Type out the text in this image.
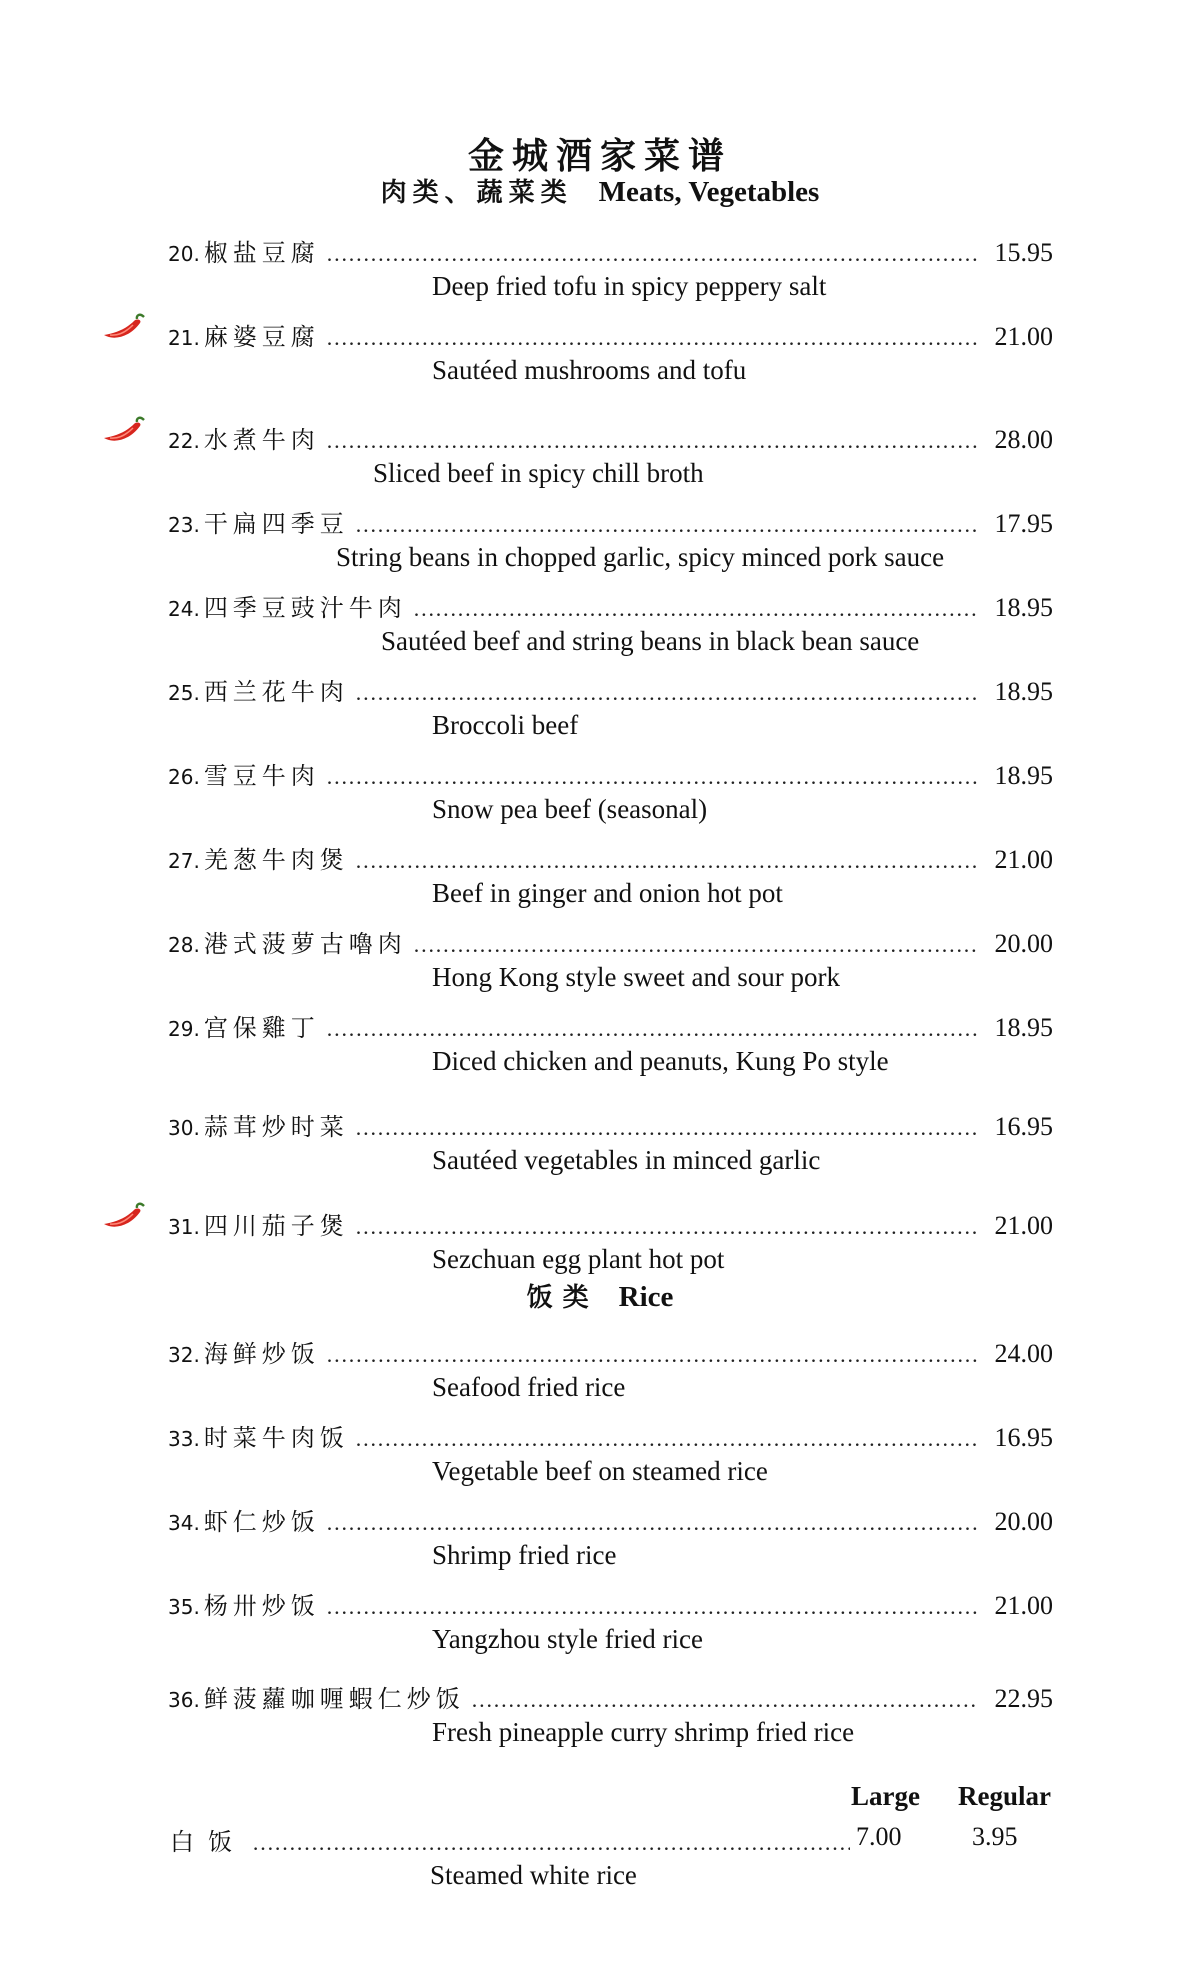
金城酒家菜谱
肉类、蔬菜类 Meats, Vegetables
20. 椒盐豆腐 …………………………………………………………………………………………………………………………………………………………	15.95
Deep fried tofu in spicy peppery salt
21. 麻婆豆腐 …………………………………………………………………………………………………………………………………………………………	21.00
Sautéed mushrooms and tofu
22. 水煮牛肉 …………………………………………………………………………………………………………………………………………………………	28.00
Sliced beef in spicy chill broth
23. 干扁四季豆 …………………………………………………………………………………………………………………………………………………………	17.95
String beans in chopped garlic, spicy minced pork sauce
24. 四季豆豉汁牛肉 …………………………………………………………………………………………………………………………………………………………	18.95
Sautéed beef and string beans in black bean sauce
25. 西兰花牛肉 …………………………………………………………………………………………………………………………………………………………	18.95
Broccoli beef
26. 雪豆牛肉 …………………………………………………………………………………………………………………………………………………………	18.95
Snow pea beef (seasonal)
27. 羌葱牛肉煲 …………………………………………………………………………………………………………………………………………………………	21.00
Beef in ginger and onion hot pot
28. 港式菠萝古嚕肉 …………………………………………………………………………………………………………………………………………………………	20.00
Hong Kong style sweet and sour pork
29. 宫保雞丁 …………………………………………………………………………………………………………………………………………………………	18.95
Diced chicken and peanuts, Kung Po style
30. 蒜茸炒时菜 …………………………………………………………………………………………………………………………………………………………	16.95
Sautéed vegetables in minced garlic
31. 四川茄子煲 …………………………………………………………………………………………………………………………………………………………	21.00
Sezchuan egg plant hot pot
饭类 Rice
32. 海鲜炒饭 …………………………………………………………………………………………………………………………………………………………	24.00
Seafood fried rice
33. 时菜牛肉饭 …………………………………………………………………………………………………………………………………………………………	16.95
Vegetable beef on steamed rice
34. 虾仁炒饭 …………………………………………………………………………………………………………………………………………………………	20.00
Shrimp fried rice
35. 杨卅炒饭 …………………………………………………………………………………………………………………………………………………………	21.00
Yangzhou style fried rice
36. 鲜菠蘿咖喱蝦仁炒饭 …………………………………………………………………………………………………………………………………………………………	22.95
Fresh pineapple curry shrimp fried rice
Large Regular
白饭 …………………………………………………………………………………………………………………………………………………………	7.00	3.95
Steamed white rice
